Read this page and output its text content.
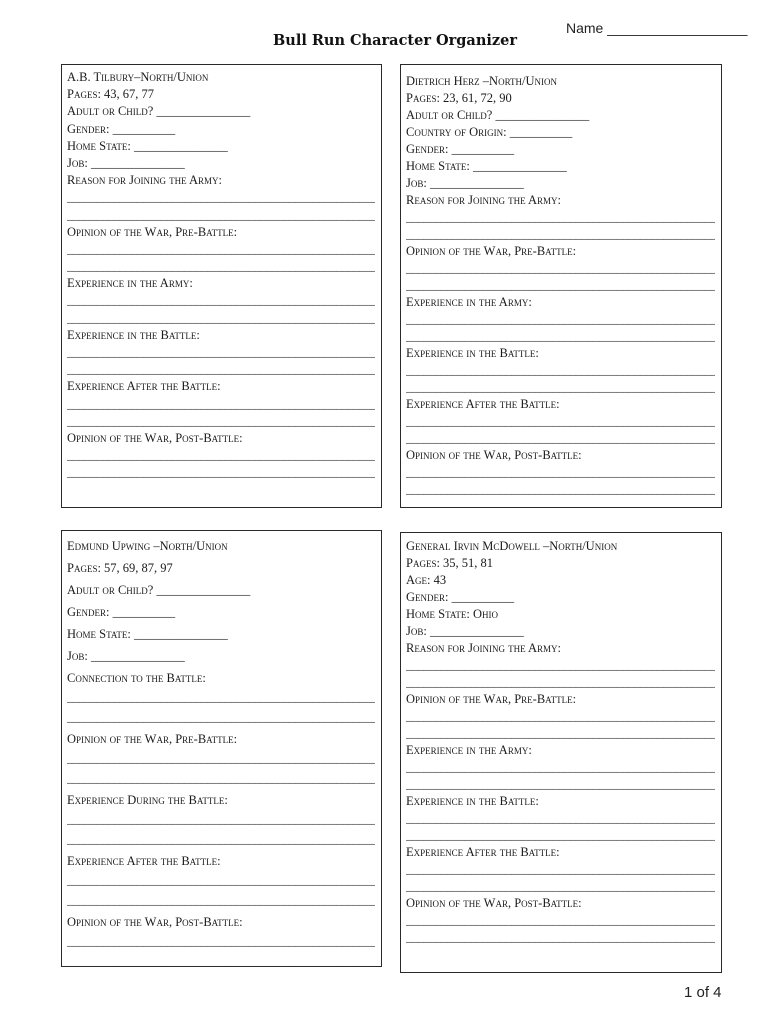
Name __________________
Bull Run Character Organizer
A.B. Tilbury–North/Union
Pages: 43, 67, 77
Adult or Child? _______________
Gender: __________
Home State: _______________
Job: _______________
Reason for Joining the Army:
_____
_____
Opinion of the War, Pre-Battle:
_____
_____
Experience in the Army:
_____
_____
Experience in the Battle:
_____
_____
Experience After the Battle:
_____
_____
Opinion of the War, Post-Battle:
_____
_____
Dietrich Herz –North/Union
Pages: 23, 61, 72, 90
Adult or Child? _______________
Country of Origin: __________
Gender: __________
Home State: _______________
Job: _______________
Reason for Joining the Army:
_____
_____
Opinion of the War, Pre-Battle:
_____
_____
Experience in the Army:
_____
_____
Experience in the Battle:
_____
_____
Experience After the Battle:
_____
_____
Opinion of the War, Post-Battle:
_____
_____
Edmund Upwing –North/Union
Pages: 57, 69, 87, 97
Adult or Child? _______________
Gender: __________
Home State: _______________
Job: _______________
Connection to the Battle:
_____
_____
Opinion of the War, Pre-Battle:
_____
_____
Experience During the Battle:
_____
_____
Experience After the Battle:
_____
_____
Opinion of the War, Post-Battle:
_____
_____
General Irvin McDowell –North/Union
Pages: 35, 51, 81
Age: 43
Gender: __________
Home State: Ohio
Job: _______________
Reason for Joining the Army:
_____
_____
Opinion of the War, Pre-Battle:
_____
_____
Experience in the Army:
_____
_____
Experience in the Battle:
_____
_____
Experience After the Battle:
_____
_____
Opinion of the War, Post-Battle:
_____
_____
1 of 4
